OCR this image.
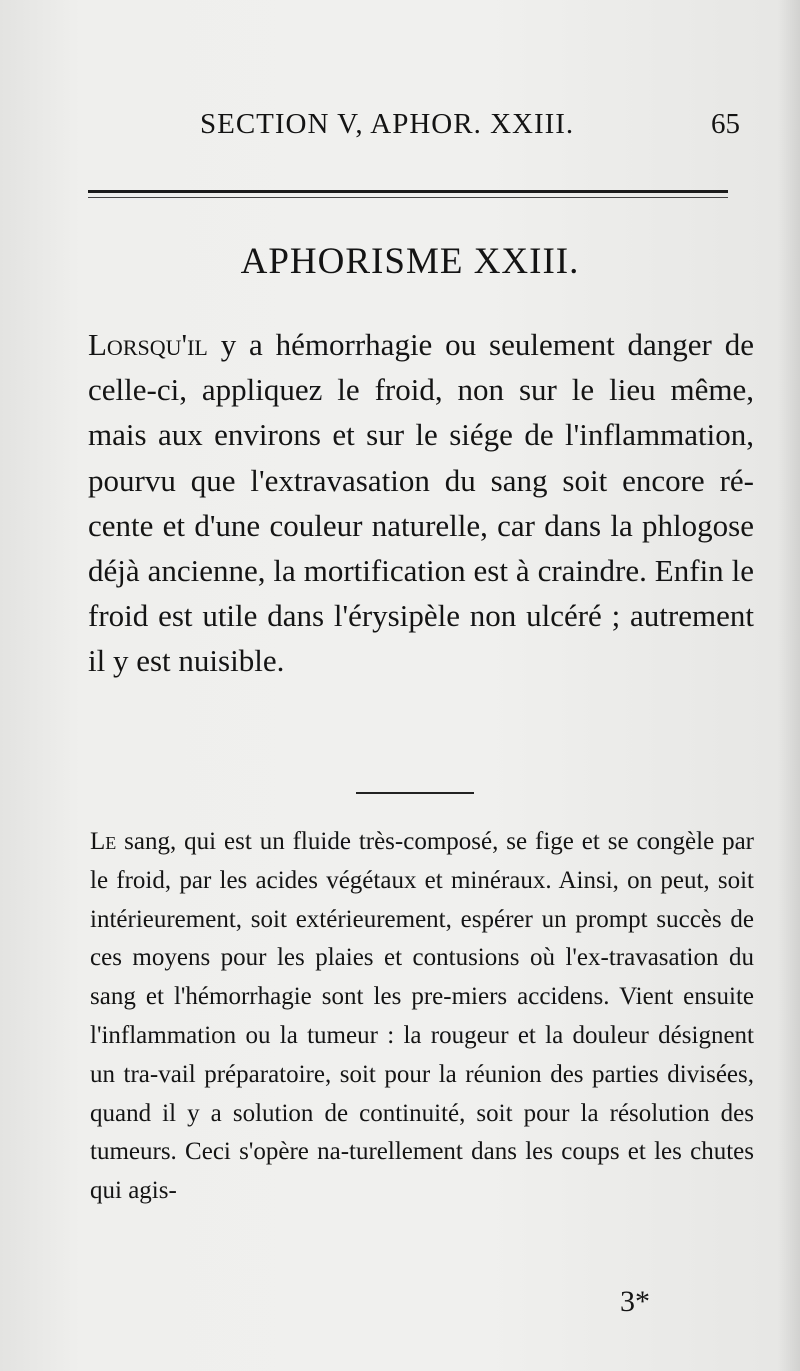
SECTION V, APHOR. XXIII.	65
APHORISME XXIII.

Lorsqu'il y a hémorrhagie ou seulement danger de celle-ci, appliquez le froid, non sur le lieu même, mais aux environs et sur le siége de l'inflammation, pourvu que l'extravasation du sang soit encore ré-cente et d'une couleur naturelle, car dans la phlogose déjà ancienne, la mortification est à craindre. Enfin le froid est utile dans l'érysipèle non ulcéré ; autrement il y est nuisible.

Le sang, qui est un fluide très-composé, se fige et se congèle par le froid, par les acides végétaux et minéraux. Ainsi, on peut, soit intérieurement, soit extérieurement, espérer un prompt succès de ces moyens pour les plaies et contusions où l'ex-travasation du sang et l'hémorrhagie sont les pre-miers accidens. Vient ensuite l'inflammation ou la tumeur : la rougeur et la douleur désignent un tra-vail préparatoire, soit pour la réunion des parties divisées, quand il y a solution de continuité, soit pour la résolution des tumeurs. Ceci s'opère na-turellement dans les coups et les chutes qui agis-

3*
